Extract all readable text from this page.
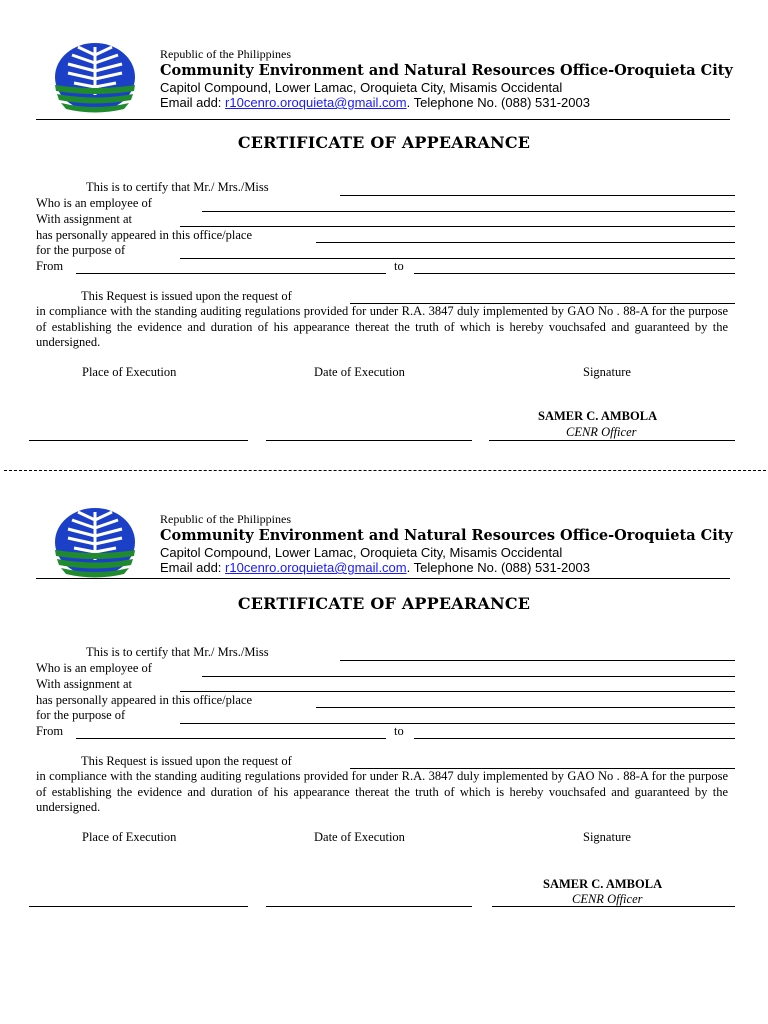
Republic of the Philippines
Community Environment and Natural Resources Office-Oroquieta City
Capitol Compound, Lower Lamac, Oroquieta City, Misamis Occidental
Email add: r10cenro.oroquieta@gmail.com. Telephone No. (088) 531-2003
CERTIFICATE OF APPEARANCE
This is to certify that Mr./ Mrs./Miss
Who is an employee of
With assignment at
has personally appeared in this office/place
for the purpose of
From	to
This Request is issued upon the request of
in compliance with the standing auditing regulations provided for under R.A. 3847 duly implemented by GAO No . 88-A for the purpose of establishing the evidence and duration of his appearance thereat the truth of which is hereby vouchsafed and guaranteed by the undersigned.
Place of Execution	Date of Execution	Signature
SAMER C. AMBOLA
CENR Officer
Republic of the Philippines
Community Environment and Natural Resources Office-Oroquieta City
Capitol Compound, Lower Lamac, Oroquieta City, Misamis Occidental
Email add: r10cenro.oroquieta@gmail.com. Telephone No. (088) 531-2003
CERTIFICATE OF APPEARANCE
This is to certify that Mr./ Mrs./Miss
Who is an employee of
With assignment at
has personally appeared in this office/place
for the purpose of
From	to
This Request is issued upon the request of
in compliance with the standing auditing regulations provided for under R.A. 3847 duly implemented by GAO No . 88-A for the purpose of establishing the evidence and duration of his appearance thereat the truth of which is hereby vouchsafed and guaranteed by the undersigned.
Place of Execution	Date of Execution	Signature
SAMER C. AMBOLA
CENR Officer
